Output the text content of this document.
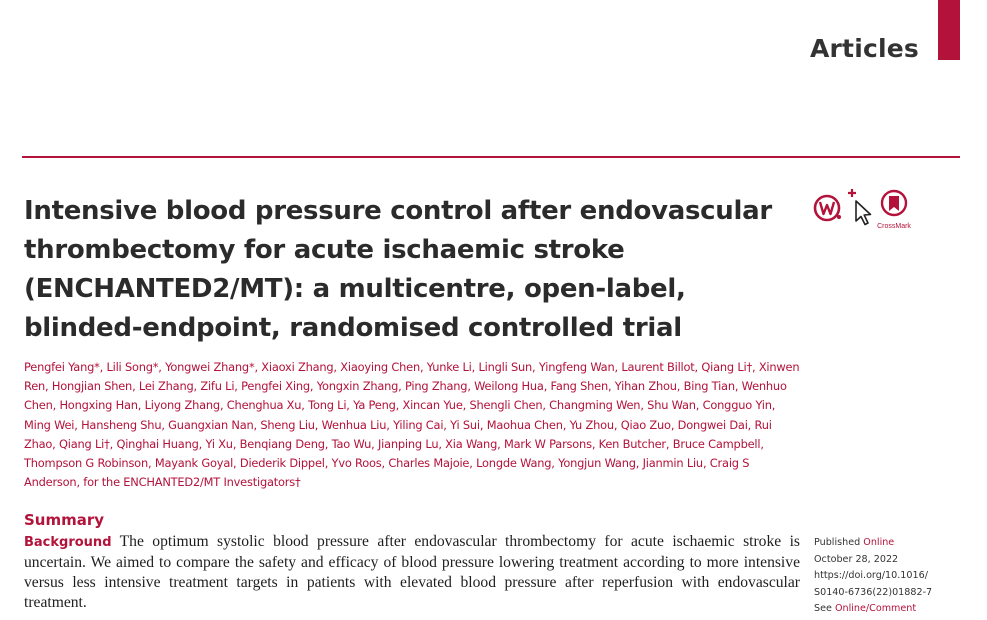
Articles
CrossMark
Intensive blood pressure control after endovascular thrombectomy for acute ischaemic stroke (ENCHANTED2/MT): a multicentre, open-label, blinded-endpoint, randomised controlled trial

Pengfei Yang*, Lili Song*, Yongwei Zhang*, Xiaoxi Zhang, Xiaoying Chen, Yunke Li, Lingli Sun, Yingfeng Wan, Laurent Billot, Qiang Li†, Xinwen Ren, Hongjian Shen, Lei Zhang, Zifu Li, Pengfei Xing, Yongxin Zhang, Ping Zhang, Weilong Hua, Fang Shen, Yihan Zhou, Bing Tian, Wenhuo Chen, Hongxing Han, Liyong Zhang, Chenghua Xu, Tong Li, Ya Peng, Xincan Yue, Shengli Chen, Changming Wen, Shu Wan, Congguo Yin, Ming Wei, Hansheng Shu, Guangxian Nan, Sheng Liu, Wenhua Liu, Yiling Cai, Yi Sui, Maohua Chen, Yu Zhou, Qiao Zuo, Dongwei Dai, Rui Zhao, Qiang Li†, Qinghai Huang, Yi Xu, Benqiang Deng, Tao Wu, Jianping Lu, Xia Wang, Mark W Parsons, Ken Butcher, Bruce Campbell, Thompson G Robinson, Mayank Goyal, Diederik Dippel, Yvo Roos, Charles Majoie, Longde Wang, Yongjun Wang, Jianmin Liu, Craig S Anderson, for the ENCHANTED2/MT Investigators†

Summary

Background The optimum systolic blood pressure after endovascular thrombectomy for acute ischaemic stroke is uncertain. We aimed to compare the safety and efficacy of blood pressure lowering treatment according to more intensive versus less intensive treatment targets in patients with elevated blood pressure after reperfusion with endovascular treatment.

Published Online
October 28, 2022
https://doi.org/10.1016/
S0140-6736(22)01882-7
See Online/Comment
